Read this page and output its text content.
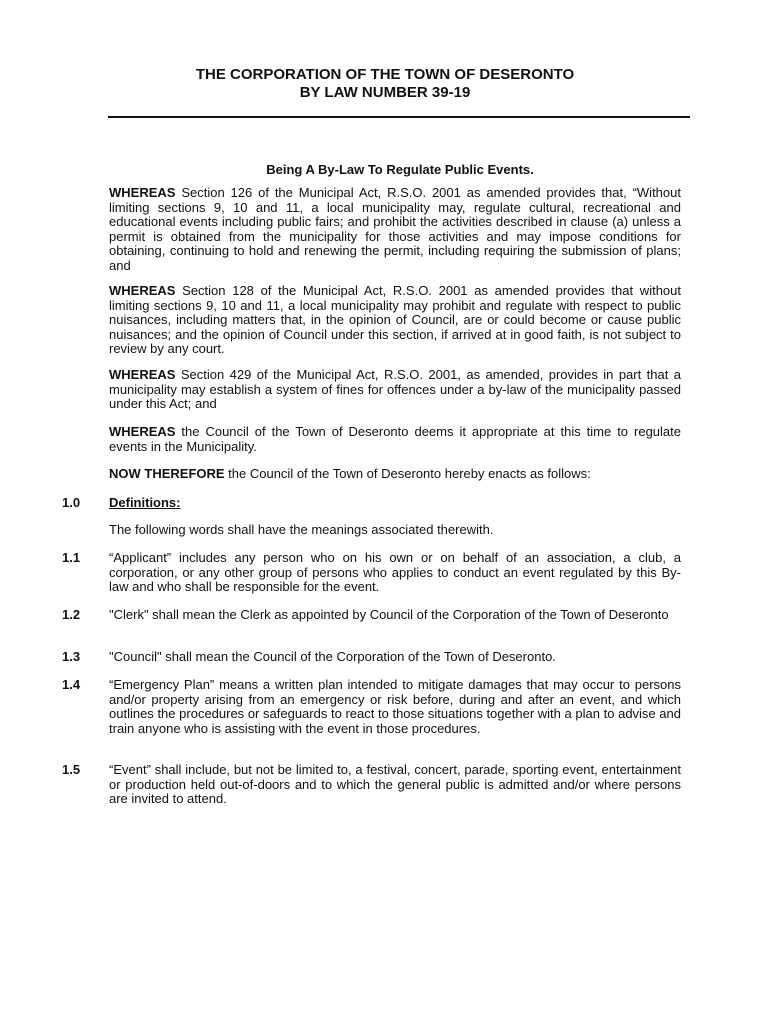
THE CORPORATION OF THE TOWN OF DESERONTO
BY LAW NUMBER 39-19
Being A By-Law To Regulate Public Events.
WHEREAS Section 126 of the Municipal Act, R.S.O. 2001 as amended provides that, “Without limiting sections 9, 10 and 11, a local municipality may, regulate cultural, recreational and educational events including public fairs; and prohibit the activities described in clause (a) unless a permit is obtained from the municipality for those activities and may impose conditions for obtaining, continuing to hold and renewing the permit, including requiring the submission of plans; and
WHEREAS Section 128 of the Municipal Act, R.S.O. 2001 as amended provides that without limiting sections 9, 10 and 11, a local municipality may prohibit and regulate with respect to public nuisances, including matters that, in the opinion of Council, are or could become or cause public nuisances; and the opinion of Council under this section, if arrived at in good faith, is not subject to review by any court.
WHEREAS Section 429 of the Municipal Act, R.S.O. 2001, as amended, provides in part that a municipality may establish a system of fines for offences under a by-law of the municipality passed under this Act; and
WHEREAS the Council of the Town of Deseronto deems it appropriate at this time to regulate events in the Municipality.
NOW THEREFORE the Council of the Town of Deseronto hereby enacts as follows:
1.0 Definitions:
The following words shall have the meanings associated therewith.
1.1 “Applicant” includes any person who on his own or on behalf of an association, a club, a corporation, or any other group of persons who applies to conduct an event regulated by this By-law and who shall be responsible for the event.
1.2 "Clerk" shall mean the Clerk as appointed by Council of the Corporation of the Town of Deseronto
1.3 "Council" shall mean the Council of the Corporation of the Town of Deseronto.
1.4 “Emergency Plan” means a written plan intended to mitigate damages that may occur to persons and/or property arising from an emergency or risk before, during and after an event, and which outlines the procedures or safeguards to react to those situations together with a plan to advise and train anyone who is assisting with the event in those procedures.
1.5 “Event” shall include, but not be limited to, a festival, concert, parade, sporting event, entertainment or production held out-of-doors and to which the general public is admitted and/or where persons are invited to attend.
